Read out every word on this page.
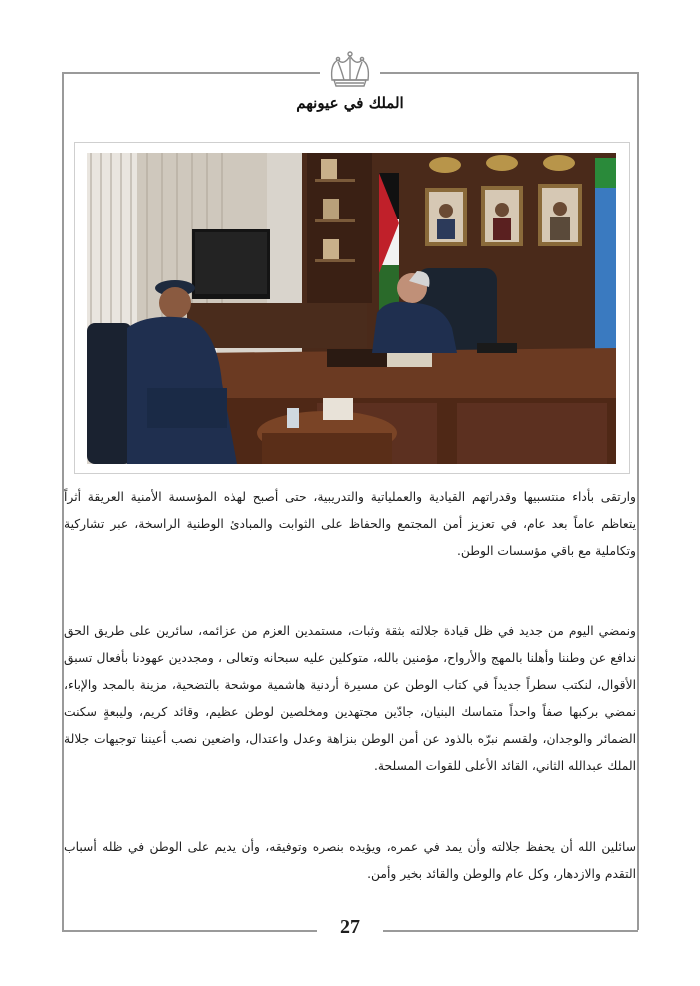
الملك في عيونهم
وارتقى بأداء منتسبيها وقدراتهم القيادية والعملياتية والتدريبية، حتى أصبح لهذه المؤسسة الأمنية العريقة أثراً يتعاظم عاماً بعد عام، في تعزيز أمن المجتمع والحفاظ على الثوابت والمبادئ الوطنية الراسخة، عبر تشاركية وتكاملية مع باقي مؤسسات الوطن.
ونمضي اليوم من جديد في ظل قيادة جلالته بثقة وثبات، مستمدين العزم من عزائمه، سائرين على طريق الحق ندافع عن وطننا وأهلنا بالمهج والأرواح، مؤمنين بالله، متوكلين عليه سبحانه وتعالى ، ومجددين عهودنا بأفعال تسبق الأقوال، لنكتب سطراً جديداً في كتاب الوطن عن مسيرة أردنية هاشمية موشحة بالتضحية، مزينة بالمجد والإباء، نمضي بركبها صفاً واحداً متماسك البنيان، جادّين مجتهدين ومخلصين لوطن عظيم، وقائد كريم، وليبعةٍ سكنت الضمائر والوجدان، ولقسم نبرّه بالذود عن أمن الوطن بنزاهة وعدل واعتدال، واضعين نصب أعيننا توجيهات جلالة الملك عبدالله الثاني، القائد الأعلى للقوات المسلحة.
سائلين الله أن يحفظ جلالته وأن يمد في عمره، ويؤيده بنصره وتوفيقه، وأن يديم على الوطن في ظله أسباب التقدم والازدهار، وكل عام والوطن والقائد بخير وأمن.
27
